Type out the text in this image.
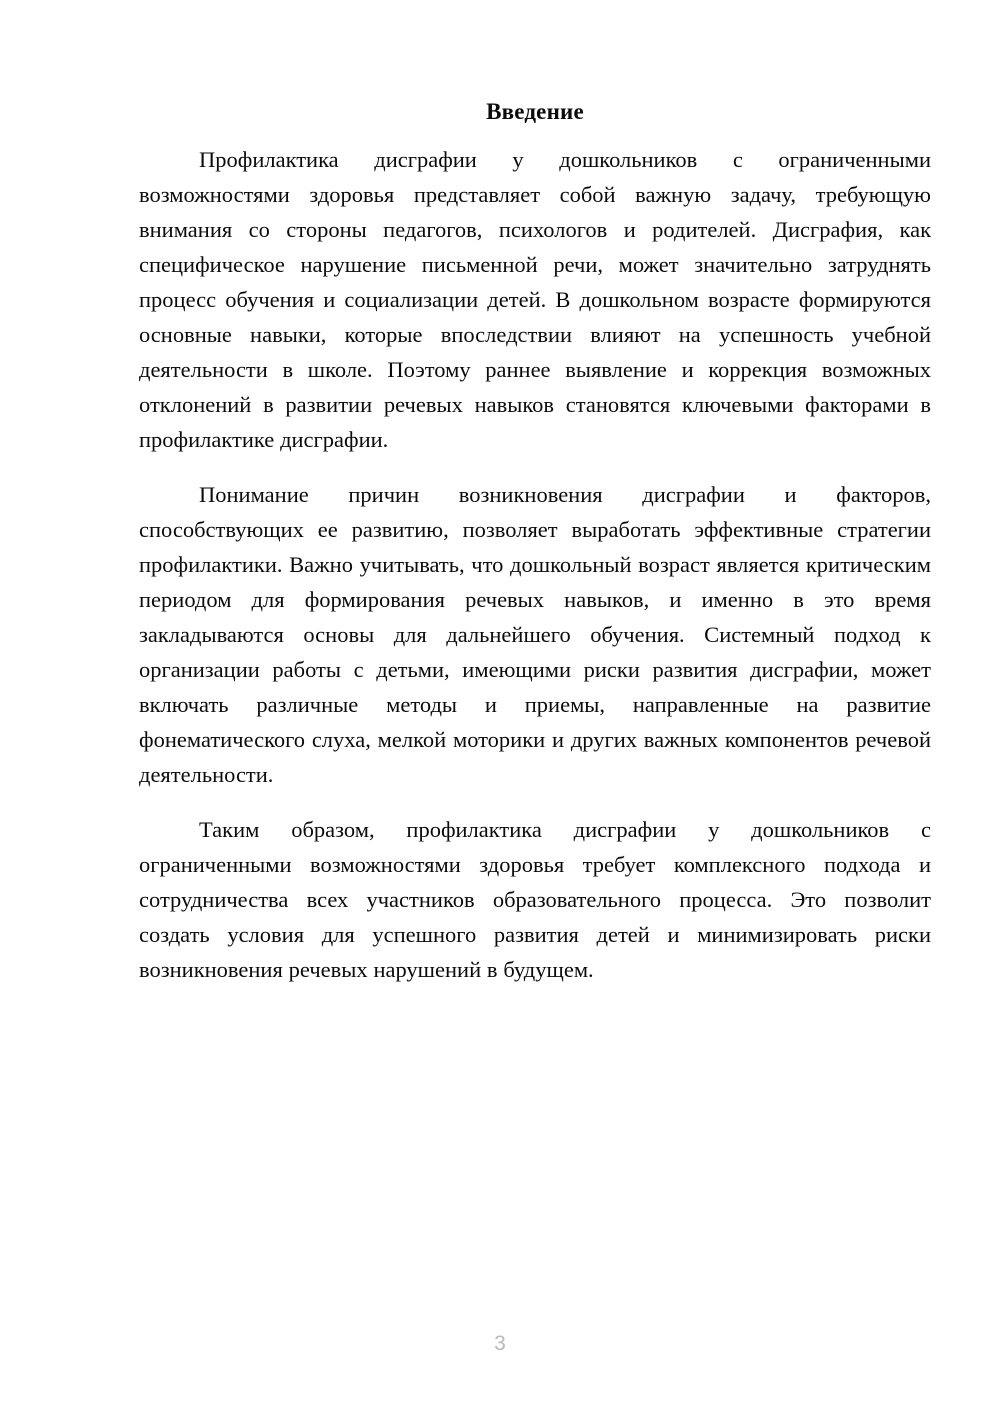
Введение

Профилактика дисграфии у дошкольников с ограниченными возможностями здоровья представляет собой важную задачу, требующую внимания со стороны педагогов, психологов и родителей. Дисграфия, как специфическое нарушение письменной речи, может значительно затруднять процесс обучения и социализации детей. В дошкольном возрасте формируются основные навыки, которые впоследствии влияют на успешность учебной деятельности в школе. Поэтому раннее выявление и коррекция возможных отклонений в развитии речевых навыков становятся ключевыми факторами в профилактике дисграфии.

Понимание причин возникновения дисграфии и факторов, способствующих ее развитию, позволяет выработать эффективные стратегии профилактики. Важно учитывать, что дошкольный возраст является критическим периодом для формирования речевых навыков, и именно в это время закладываются основы для дальнейшего обучения. Системный подход к организации работы с детьми, имеющими риски развития дисграфии, может включать различные методы и приемы, направленные на развитие фонематического слуха, мелкой моторики и других важных компонентов речевой деятельности.

Таким образом, профилактика дисграфии у дошкольников с ограниченными возможностями здоровья требует комплексного подхода и сотрудничества всех участников образовательного процесса. Это позволит создать условия для успешного развития детей и минимизировать риски возникновения речевых нарушений в будущем.

3
